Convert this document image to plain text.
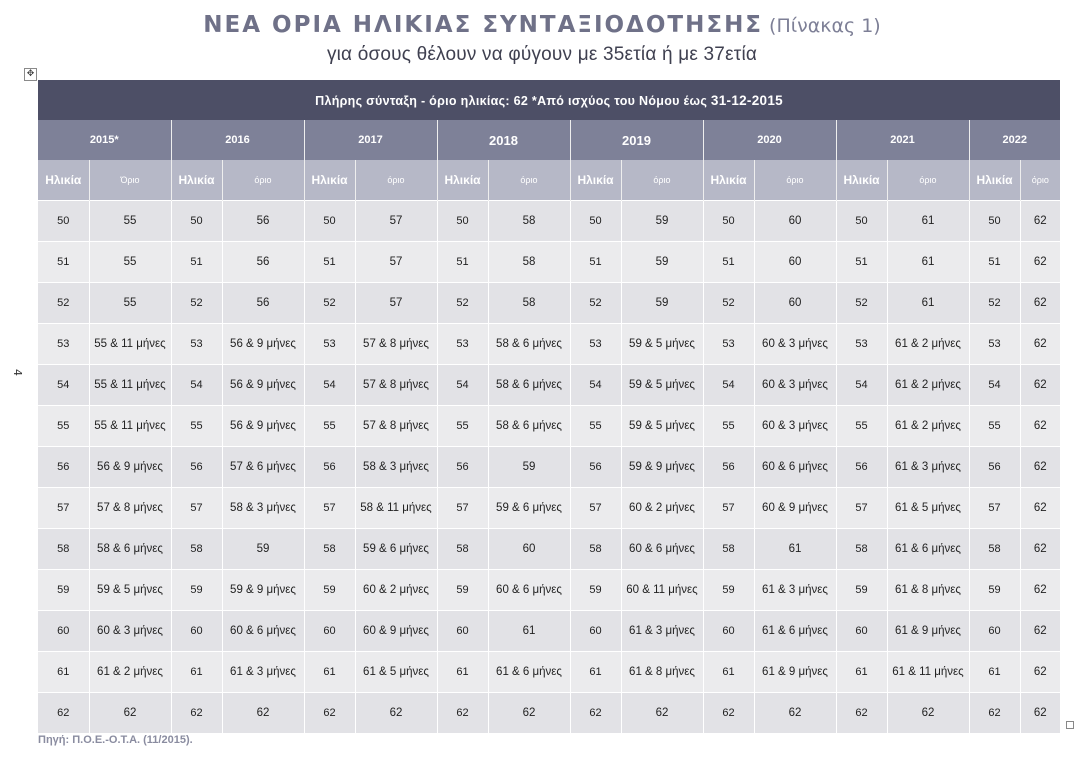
ΝΕΑ ΟΡΙΑ ΗΛΙΚΙΑΣ ΣΥΝΤΑΞΙΟΔΟΤΗΣΗΣ (Πίνακας 1)
για όσους θέλουν να φύγουν με 35ετία ή με 37ετία
✥
4
Πλήρης σύνταξη - όριο ηλικίας: 62 *Από ισχύος του Νόμου έως 31-12-2015															
2015*		2016		2017		2018		2019		2020		2021		2022	
Ηλικία	Όριο	Ηλικία	όριο	Ηλικία	όριο	Ηλικία	όριο	Ηλικία	όριο	Ηλικία	όριο	Ηλικία	όριο	Ηλικία	όριο
50	55	50	56	50	57	50	58	50	59	50	60	50	61	50	62
51	55	51	56	51	57	51	58	51	59	51	60	51	61	51	62
52	55	52	56	52	57	52	58	52	59	52	60	52	61	52	62
53	55 & 11 μήνες	53	56 & 9 μήνες	53	57 & 8 μήνες	53	58 & 6 μήνες	53	59 & 5 μήνες	53	60 & 3 μήνες	53	61 & 2 μήνες	53	62
54	55 & 11 μήνες	54	56 & 9 μήνες	54	57 & 8 μήνες	54	58 & 6 μήνες	54	59 & 5 μήνες	54	60 & 3 μήνες	54	61 & 2 μήνες	54	62
55	55 & 11 μήνες	55	56 & 9 μήνες	55	57 & 8 μήνες	55	58 & 6 μήνες	55	59 & 5 μήνες	55	60 & 3 μήνες	55	61 & 2 μήνες	55	62
56	56 & 9 μήνες	56	57 & 6 μήνες	56	58 & 3 μήνες	56	59	56	59 & 9 μήνες	56	60 & 6 μήνες	56	61 & 3 μήνες	56	62
57	57 & 8 μήνες	57	58 & 3 μήνες	57	58 & 11 μήνες	57	59 & 6 μήνες	57	60 & 2 μήνες	57	60 & 9 μήνες	57	61 & 5 μήνες	57	62
58	58 & 6 μήνες	58	59	58	59 & 6 μήνες	58	60	58	60 & 6 μήνες	58	61	58	61 & 6 μήνες	58	62
59	59 & 5 μήνες	59	59 & 9 μήνες	59	60 & 2 μήνες	59	60 & 6 μήνες	59	60 & 11 μήνες	59	61 & 3 μήνες	59	61 & 8 μήνες	59	62
60	60 & 3 μήνες	60	60 & 6 μήνες	60	60 & 9 μήνες	60	61	60	61 & 3 μήνες	60	61 & 6 μήνες	60	61 & 9 μήνες	60	62
61	61 & 2 μήνες	61	61 & 3 μήνες	61	61 & 5 μήνες	61	61 & 6 μήνες	61	61 & 8 μήνες	61	61 & 9 μήνες	61	61 & 11 μήνες	61	62
62	62	62	62	62	62	62	62	62	62	62	62	62	62	62	62
Πηγή: Π.Ο.Ε.-Ο.Τ.Α. (11/2015).
